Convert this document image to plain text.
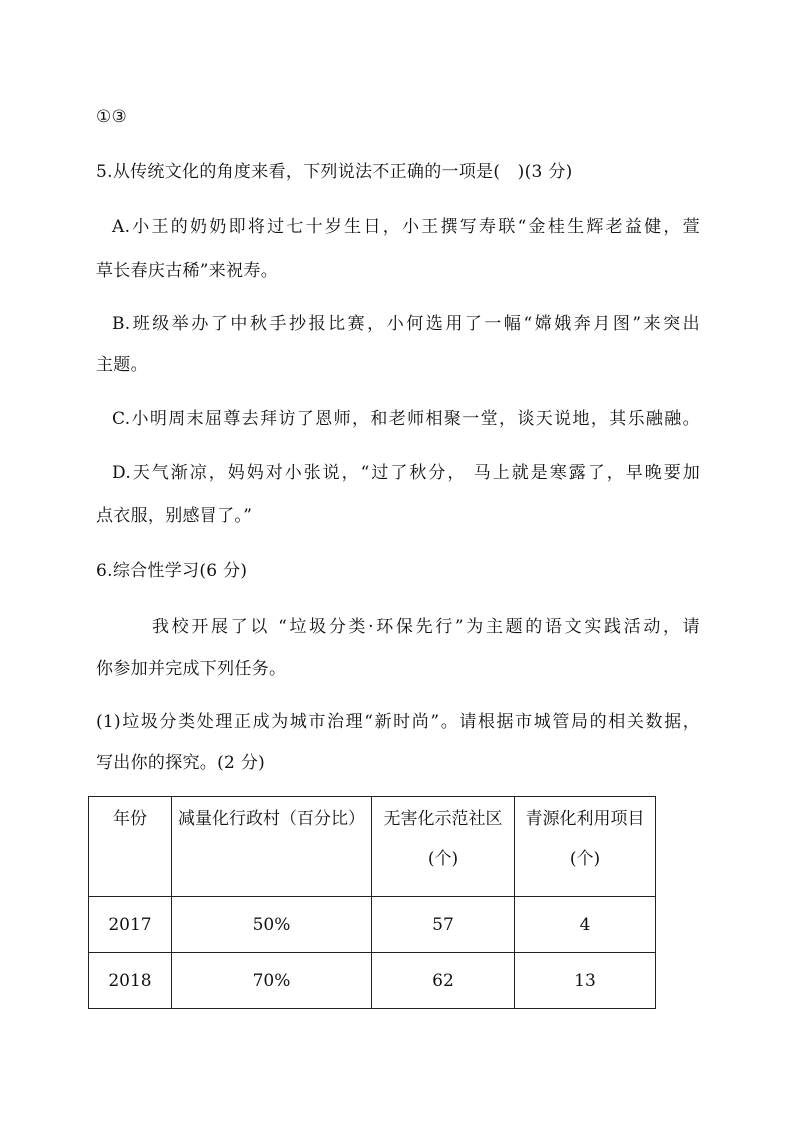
①③
5.从传统文化的角度来看，下列说法不正确的一项是(　)(3 分)
A.小王的奶奶即将过七十岁生日，小王撰写寿联“金桂生辉老益健，萱
草长春庆古稀”来祝寿。
B.班级举办了中秋手抄报比赛，小何选用了一幅“嫦娥奔月图”来突出
主题。
C.小明周末屈尊去拜访了恩师，和老师相聚一堂，谈天说地，其乐融融。
D.天气渐凉，妈妈对小张说，“过了秋分， 马上就是寒露了，早晚要加
点衣服，别感冒了。”
6.综合性学习(6 分)
我校开展了以 “垃圾分类·环保先行”为主题的语文实践活动，请
你参加并完成下列任务。
(1)垃圾分类处理正成为城市治理“新时尚”。请根据市城管局的相关数据，
写出你的探究。(2 分)
年份	减量化行政村（百分比）	无害化示范社区(个)	青源化利用项目(个)
2017	50%	57	4
2018	70%	62	13
